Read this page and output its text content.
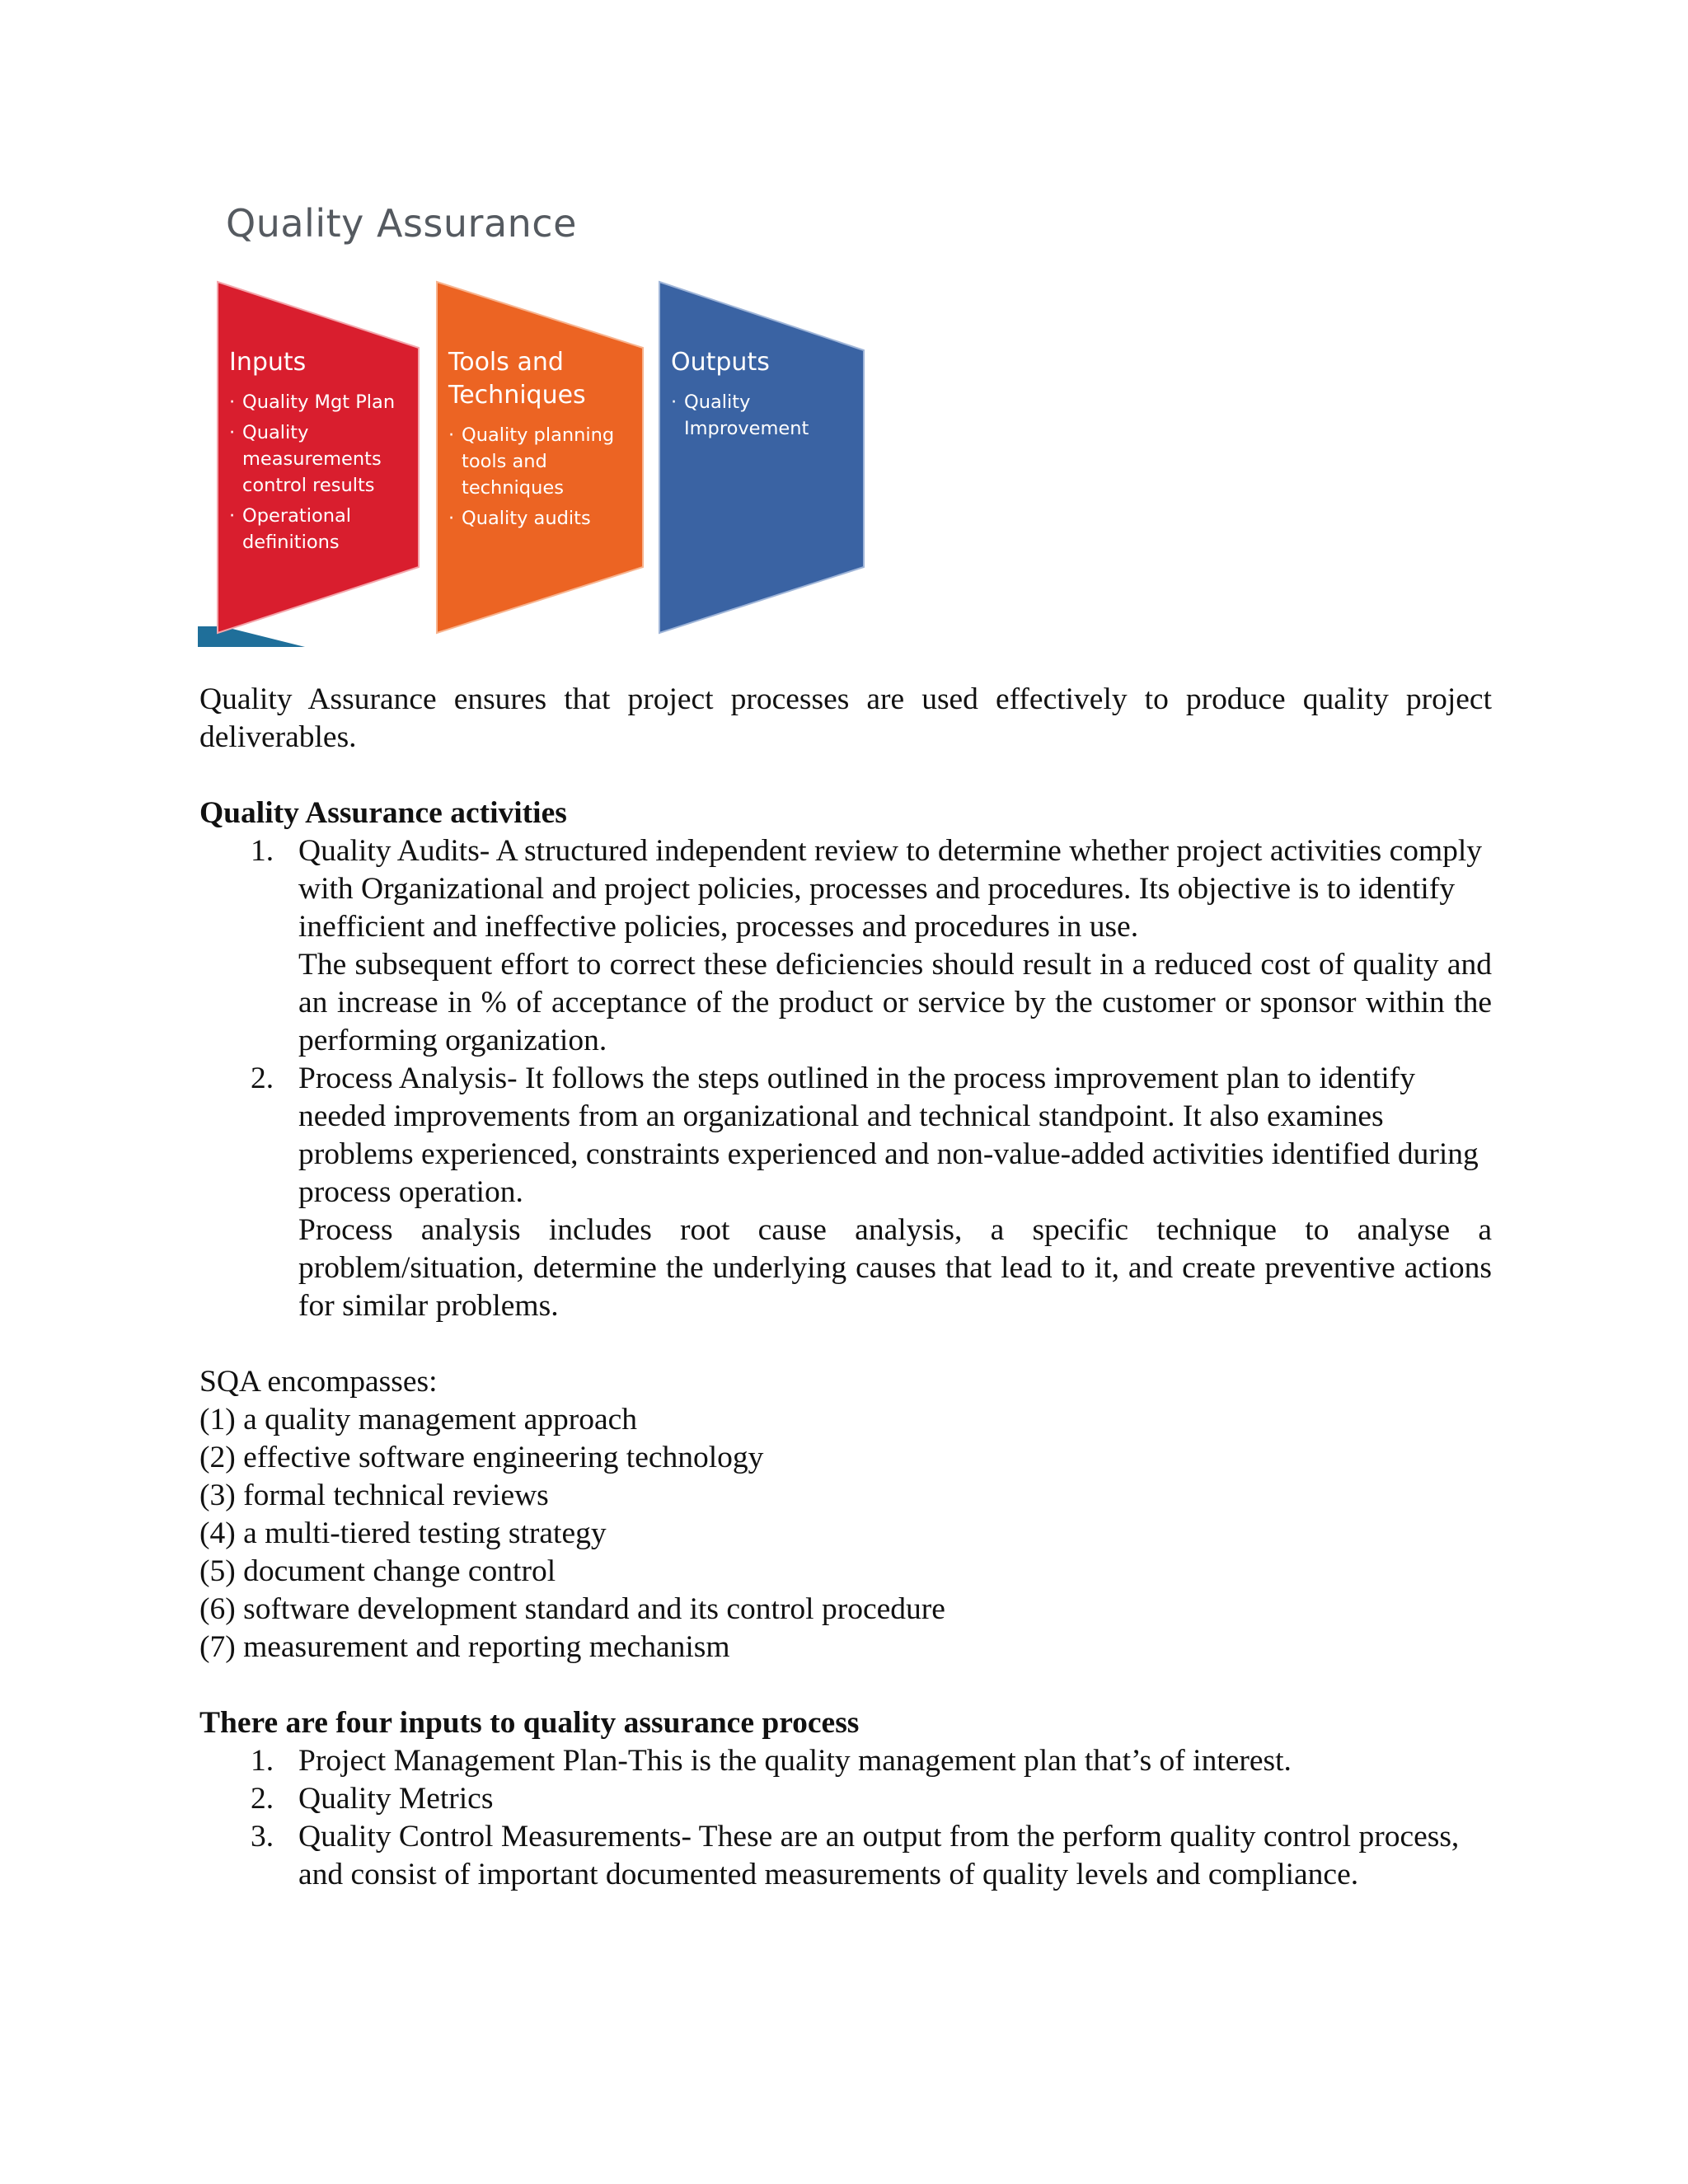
Quality Assurance
Inputs
· Quality Mgt Plan
· Quality
measurements
control results
· Operational
definitions
Tools and
Techniques
· Quality planning
tools and
techniques
· Quality audits
Outputs
· Quality
Improvement

Quality Assurance ensures that project processes are used effectively to produce quality project deliverables.

Quality Assurance activities

1. Quality Audits- A structured independent review to determine whether project activities comply with Organizational and project policies, processes and procedures. Its objective is to identify inefficient and ineffective policies, processes and procedures in use.
The subsequent effort to correct these deficiencies should result in a reduced cost of quality and an increase in % of acceptance of the product or service by the customer or sponsor within the performing organization.
2. Process Analysis- It follows the steps outlined in the process improvement plan to identify needed improvements from an organizational and technical standpoint. It also examines problems experienced, constraints experienced and non-value-added activities identified during process operation.
Process analysis includes root cause analysis, a specific technique to analyse a problem/situation, determine the underlying causes that lead to it, and create preventive actions for similar problems.

SQA encompasses:

(1) a quality management approach

(2) effective software engineering technology

(3) formal technical reviews

(4) a multi-tiered testing strategy

(5) document change control

(6) software development standard and its control procedure

(7) measurement and reporting mechanism

There are four inputs to quality assurance process

1. Project Management Plan-This is the quality management plan that’s of interest.
2. Quality Metrics
3. Quality Control Measurements- These are an output from the perform quality control process, and consist of important documented measurements of quality levels and compliance.
